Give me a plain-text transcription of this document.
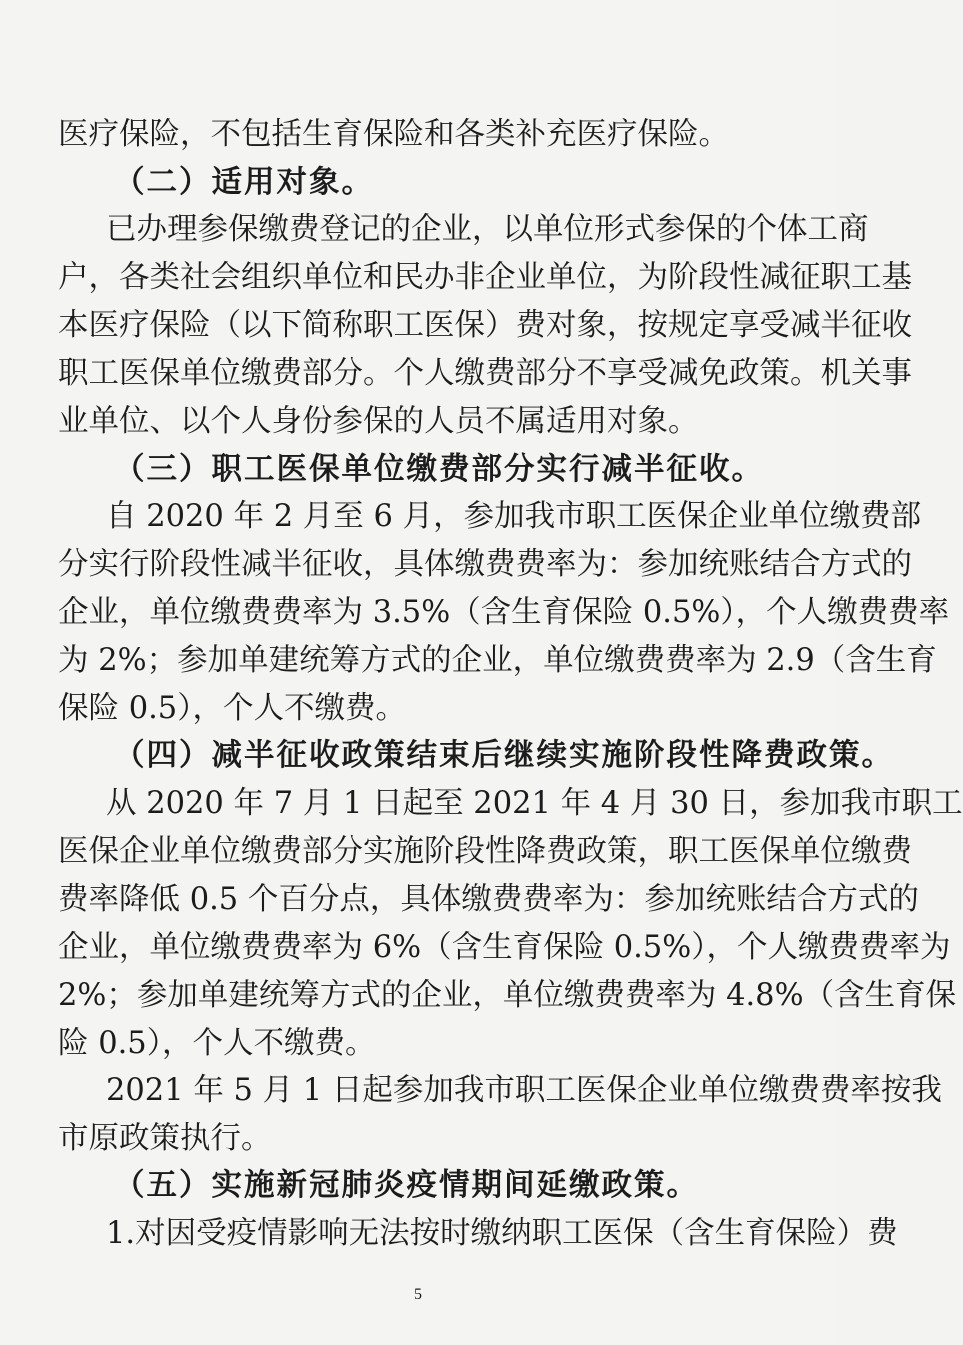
医疗保险，不包括生育保险和各类补充医疗保险。
（二）适用对象。
已办理参保缴费登记的企业，以单位形式参保的个体工商
户，各类社会组织单位和民办非企业单位，为阶段性减征职工基
本医疗保险（以下简称职工医保）费对象，按规定享受减半征收
职工医保单位缴费部分。个人缴费部分不享受减免政策。机关事
业单位、以个人身份参保的人员不属适用对象。
（三）职工医保单位缴费部分实行减半征收。
自 2020 年 2 月至 6 月，参加我市职工医保企业单位缴费部
分实行阶段性减半征收，具体缴费费率为：参加统账结合方式的
企业，单位缴费费率为 3.5%（含生育保险 0.5%），个人缴费费率
为 2%；参加单建统筹方式的企业，单位缴费费率为 2.9（含生育
保险 0.5），个人不缴费。
（四）减半征收政策结束后继续实施阶段性降费政策。
从 2020 年 7 月 1 日起至 2021 年 4 月 30 日，参加我市职工
医保企业单位缴费部分实施阶段性降费政策，职工医保单位缴费
费率降低 0.5 个百分点，具体缴费费率为：参加统账结合方式的
企业，单位缴费费率为 6%（含生育保险 0.5%），个人缴费费率为
2%；参加单建统筹方式的企业，单位缴费费率为 4.8%（含生育保
险 0.5），个人不缴费。
2021 年 5 月 1 日起参加我市职工医保企业单位缴费费率按我
市原政策执行。
（五）实施新冠肺炎疫情期间延缴政策。
1.对因受疫情影响无法按时缴纳职工医保（含生育保险）费
5
